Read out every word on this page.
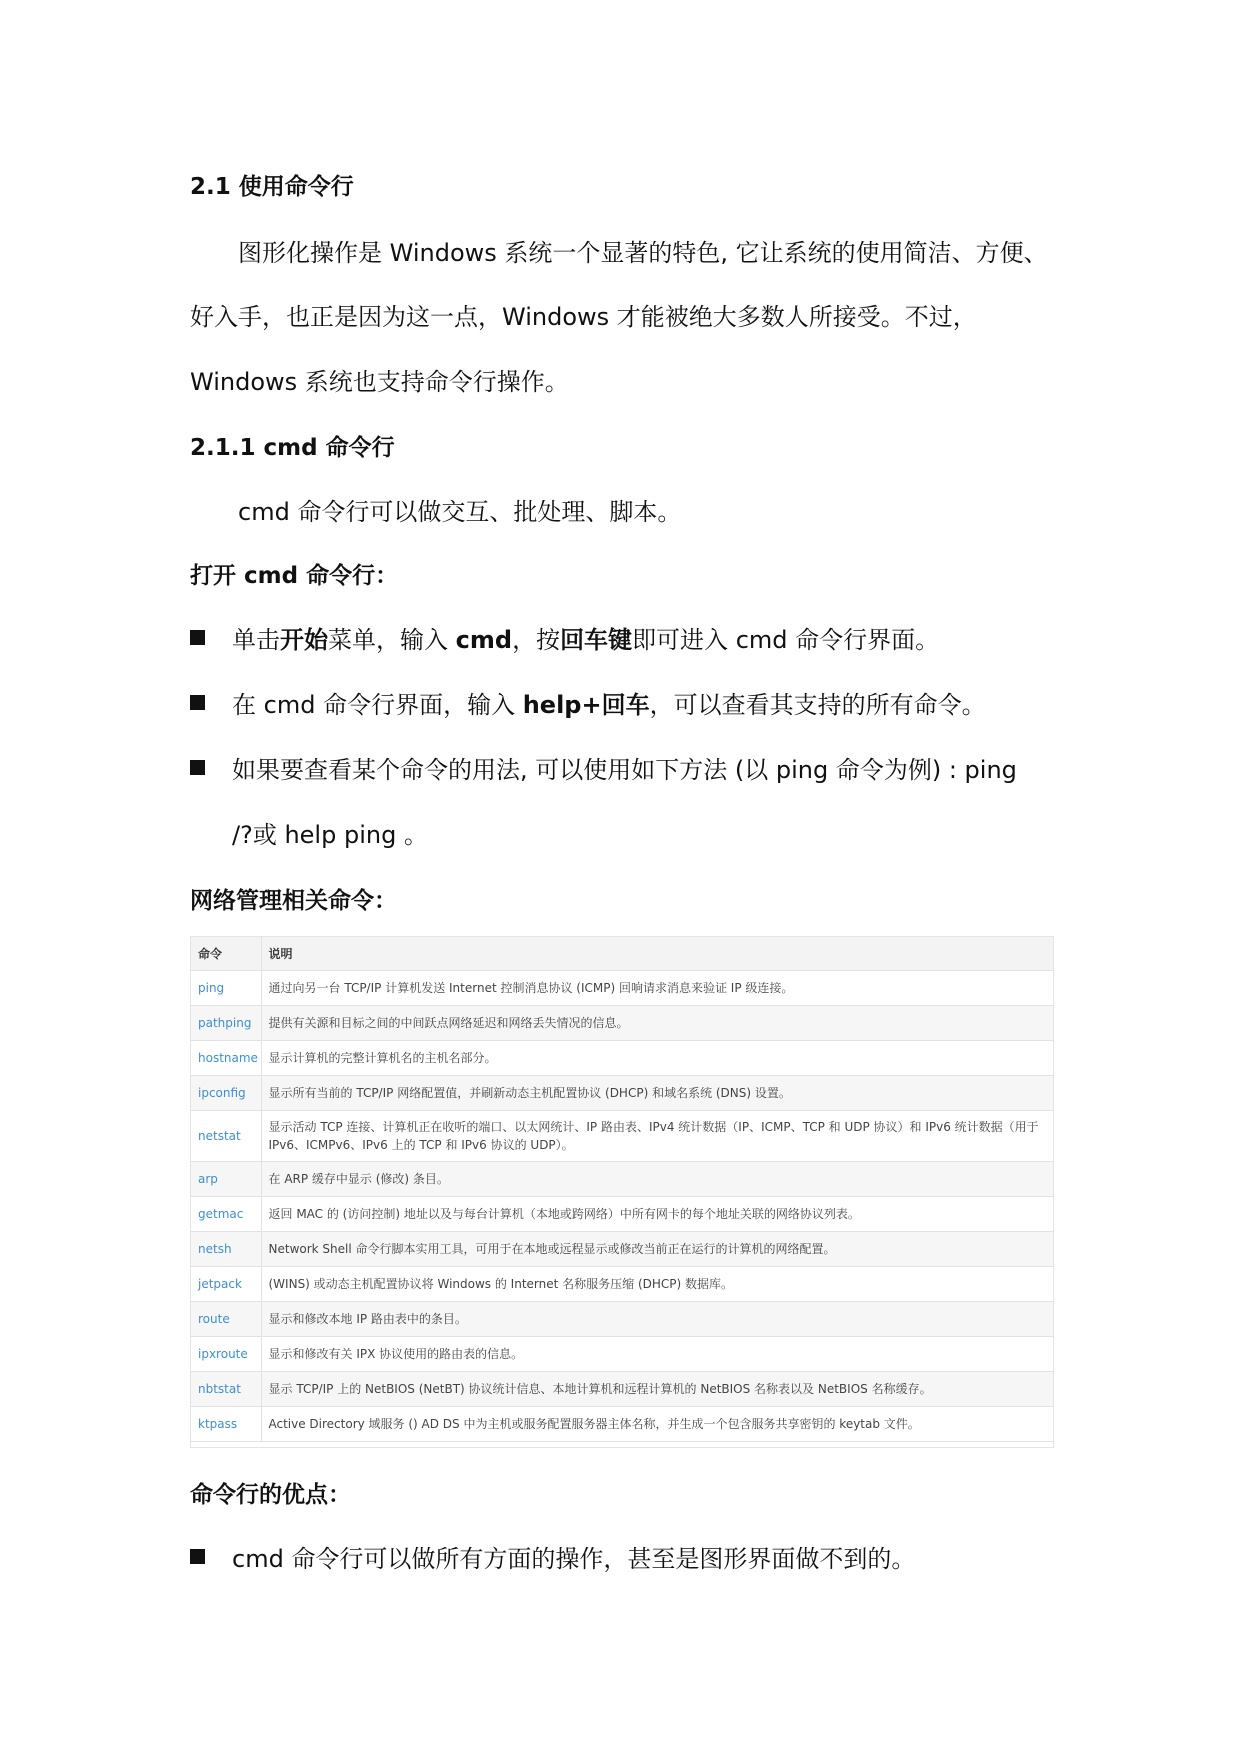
2.1 使用命令行
图形化操作是 Windows 系统一个显著的特色, 它让系统的使用简洁、方便、
好入手，也正是因为这一点，Windows 才能被绝大多数人所接受。不过，
Windows 系统也支持命令行操作。
2.1.1 cmd 命令行
cmd 命令行可以做交互、批处理、脚本。
打开 cmd 命令行：
单击开始菜单，输入 cmd，按回车键即可进入 cmd 命令行界面。
在 cmd 命令行界面，输入 help+回车，可以查看其支持的所有命令。
如果要查看某个命令的用法, 可以使用如下方法 (以 ping 命令为例) : ping
/?或 help ping 。
网络管理相关命令：
命令	说明
ping	通过向另一台 TCP/IP 计算机发送 Internet 控制消息协议 (ICMP) 回响请求消息来验证 IP 级连接。
pathping	提供有关源和目标之间的中间跃点网络延迟和网络丢失情况的信息。
hostname	显示计算机的完整计算机名的主机名部分。
ipconfig	显示所有当前的 TCP/IP 网络配置值，并刷新动态主机配置协议 (DHCP) 和域名系统 (DNS) 设置。
netstat	显示活动 TCP 连接、计算机正在收听的端口、以太网统计、IP 路由表、IPv4 统计数据（IP、ICMP、TCP 和 UDP 协议）和 IPv6 统计数据（用于 IPv6、ICMPv6、IPv6 上的 TCP 和 IPv6 协议的 UDP）。
arp	在 ARP 缓存中显示 (修改) 条目。
getmac	返回 MAC 的 (访问控制) 地址以及与每台计算机（本地或跨网络）中所有网卡的每个地址关联的网络协议列表。
netsh	Network Shell 命令行脚本实用工具，可用于在本地或远程显示或修改当前正在运行的计算机的网络配置。
jetpack	(WINS) 或动态主机配置协议将 Windows 的 Internet 名称服务压缩 (DHCP) 数据库。
route	显示和修改本地 IP 路由表中的条目。
ipxroute	显示和修改有关 IPX 协议使用的路由表的信息。
nbtstat	显示 TCP/IP 上的 NetBIOS (NetBT) 协议统计信息、本地计算机和远程计算机的 NetBIOS 名称表以及 NetBIOS 名称缓存。
ktpass	Active Directory 域服务 () AD DS 中为主机或服务配置服务器主体名称，并生成一个包含服务共享密钥的 keytab 文件。
命令行的优点：
cmd 命令行可以做所有方面的操作，甚至是图形界面做不到的。
